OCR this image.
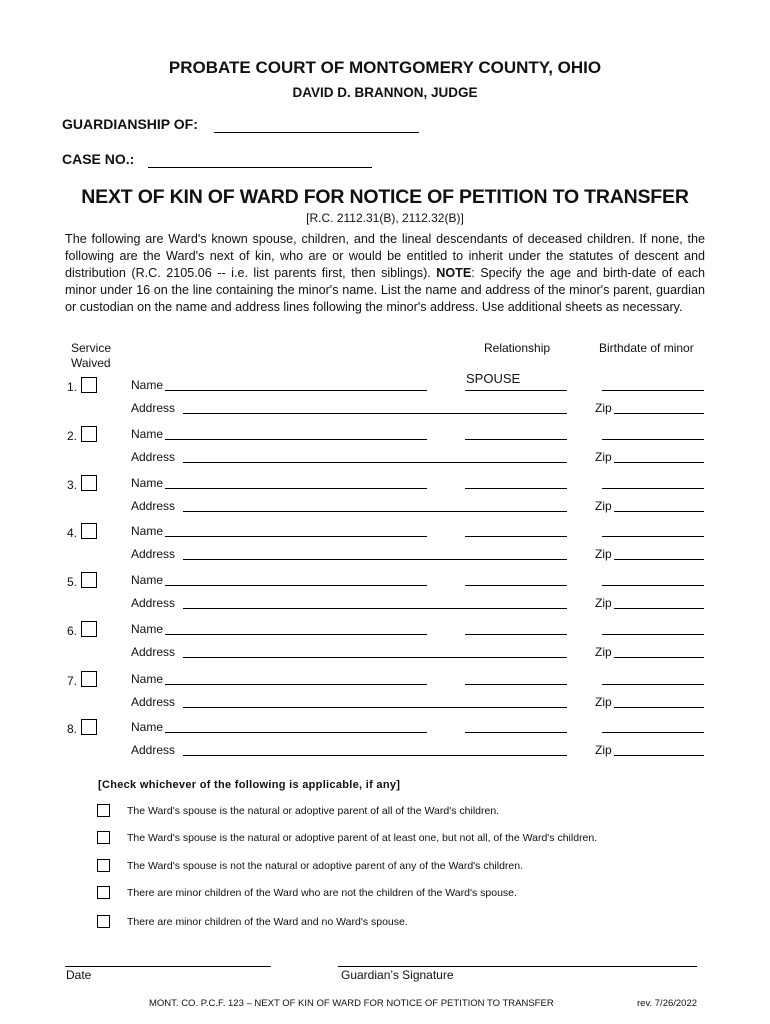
PROBATE COURT OF MONTGOMERY COUNTY, OHIO
DAVID D. BRANNON, JUDGE
GUARDIANSHIP OF:
CASE NO.:
NEXT OF KIN OF WARD FOR NOTICE OF PETITION TO TRANSFER
[R.C. 2112.31(B), 2112.32(B)]
The following are Ward's known spouse, children, and the lineal descendants of deceased children. If none, the following are the Ward's next of kin, who are or would be entitled to inherit under the statutes of descent and distribution (R.C. 2105.06 -- i.e. list parents first, then siblings). NOTE: Specify the age and birth-date of each minor under 16 on the line containing the minor's name. List the name and address of the minor's parent, guardian or custodian on the name and address lines following the minor's address. Use additional sheets as necessary.
Service
Waived
Relationship	Birthdate of minor
1.	Name	SPOUSE
Address	Zip
2.	Name
Address	Zip
3.	Name
Address	Zip
4.	Name
Address	Zip
5.	Name
Address	Zip
6.	Name
Address	Zip
7.	Name
Address	Zip
8.	Name
Address	Zip
[Check whichever of the following is applicable, if any]
The Ward's spouse is the natural or adoptive parent of all of the Ward's children.
The Ward's spouse is the natural or adoptive parent of at least one, but not all, of the Ward's children.
The Ward's spouse is not the natural or adoptive parent of any of the Ward's children.
There are minor children of the Ward who are not the children of the Ward's spouse.
There are minor children of the Ward and no Ward's spouse.
Date	Guardian’s Signature
MONT. CO. P.C.F. 123 – NEXT OF KIN OF WARD FOR NOTICE OF PETITION TO TRANSFER	rev. 7/26/2022
